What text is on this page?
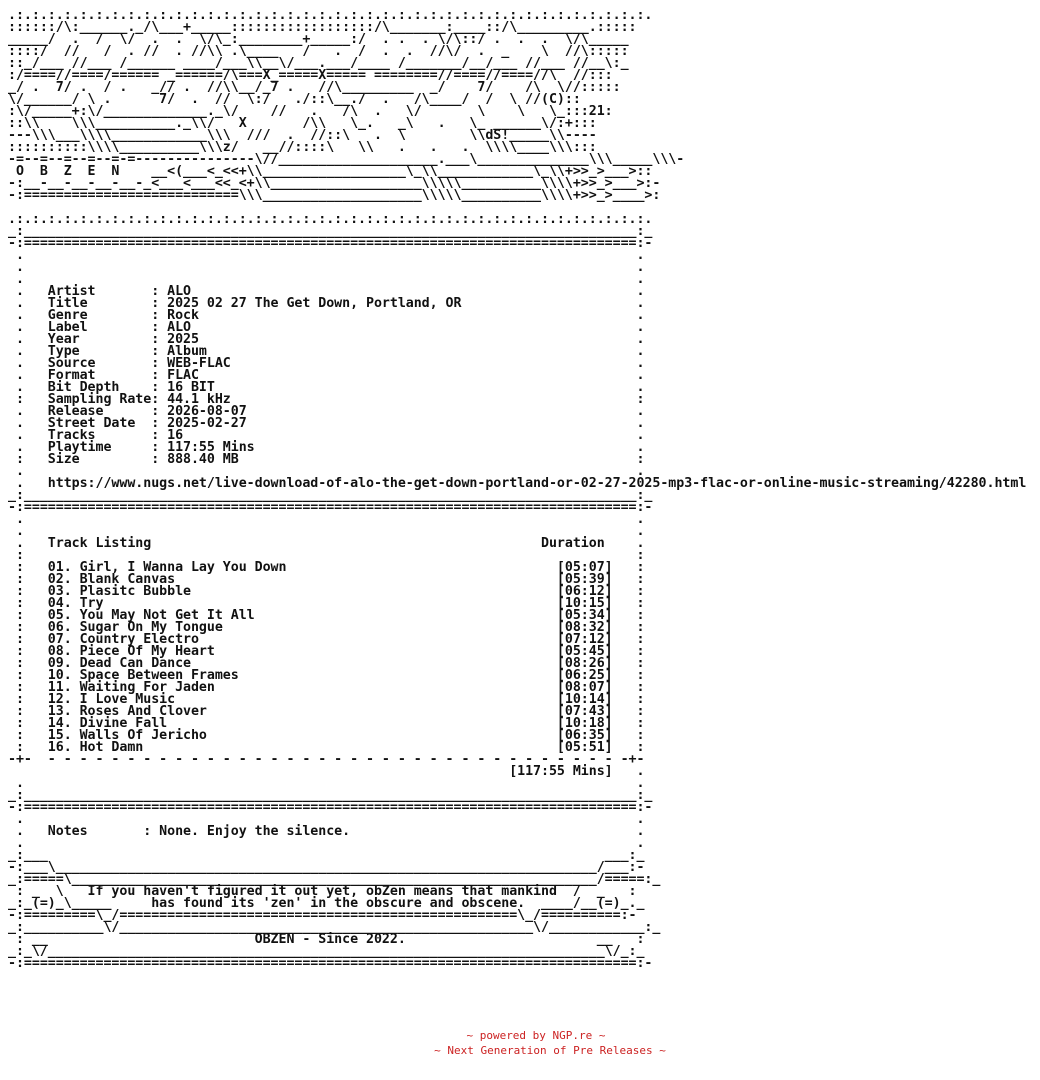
.:.:.:.:.:.:.:.:.:.:.:.:.:.:.:.:.:.:.:.:.:.:.:.:.:.:.:.:.:.:.:.:.:.:.:.:.:.:.:.:.
::::::/\:______._/\___+_____::::::::::::::::::/\_______:____::/\_________.:::::
_____/  .  /  \/  .  .  \/\_:________+_____:/  . .  . \/\::/ .  .  .  \/\_____
::::/  //   /  . //  . //\\ .\____   /   .  /  .  .  //\/  .  _    \  //\:::::
::_/___ //___ /______ ____/___\\__\/___.___/____ /_______/__/___ //___ //__\:_
:/====//====/====== _======/\===X_=====X===== ========//====//====//\  //:::
_/ .  7/ .  / .   _// .  //\\__/_7 .   //\_________  _/    7/    /\  \//:::::
\/______/ \ .      7/  .  //  \:/   ./::\__./  .   /\____/  /  \ //(C)::
:\/_____+:\/_____________._\/    //   .   /\  .   \/       \    \   \_:::21:
::\\    \\\__________._\\/   X       /\\   \_.   _\   .   \_ ______\/:+:::
---\\\___\\\\____________\\\  ///  .  //::\   .  \        \\dS!_____\\----
::::::::::\\\\__________\\\z/   __//::::\   \\   .   .   .  \\\\____\\\:::
-=--=--=--=--=-=---------------\//____________________.___\______________\\\_____\\\-
O  B  Z  E  N    __<(___<_<<+\\__________________\_\\____________\_\\+>>_>___>::
-:__-__-__-__-__-_<___<___<<_<+\\___________________\\\\\__________\\\\+>>_>___>:-
-:===========================\\\____________________\\\\\__________\\\\+>>_>____>:

.:.:.:.:.:.:.:.:.:.:.:.:.:.:.:.:.:.:.:.:.:.:.:.:.:.:.:.:.:.:.:.:.:.:.:.:.:.:.:.:.
_:_____________________________________________________________________________:_
-:=============================================================================:-
.                                                                             .
.                                                                             .
.                                                                             .
.   Artist       : ALO                                                        .
.   Title        : 2025 02 27 The Get Down, Portland, OR                      .
.   Genre        : Rock                                                       .
.   Label        : ALO                                                        .
.   Year         : 2025                                                       .
.   Type         : Album                                                      .
.   Source       : WEB-FLAC                                                   .
.   Format       : FLAC                                                       .
.   Bit Depth    : 16 BIT                                                     .
:   Sampling Rate: 44.1 kHz                                                   :
.   Release      : 2026-08-07                                                 .
.   Street Date  : 2025-02-27                                                 .
.   Tracks       : 16                                                         .
.   Playtime     : 117:55 Mins                                                .
:   Size         : 888.40 MB                                                  :
.                                                                             .
.   https://www.nugs.net/live-download-of-alo-the-get-down-portland-or-02-27-2025-mp3-flac-or-online-music-streaming/42280.html
_:_____________________________________________________________________________:_
-:=============================================================================:-
.                                                                             .
.                                                                             .
.   Track Listing                                                 Duration    .
:                                                                             :
:   01. Girl, I Wanna Lay You Down                                  [05:07]   :
:   02. Blank Canvas                                                [05:39]   :
:   03. Plasitc Bubble                                              [06:12]   :
:   04. Try                                                         [10:15]   :
:   05. You May Not Get It All                                      [05:34]   :
:   06. Sugar On My Tongue                                          [08:32]   :
:   07. Country Electro                                             [07:12]   :
:   08. Piece Of My Heart                                           [05:45]   :
:   09. Dead Can Dance                                              [08:26]   :
:   10. Space Between Frames                                        [06:25]   :
:   11. Waiting For Jaden                                           [08:07]   :
:   12. I Love Music                                                [10:14]   :
:   13. Roses And Clover                                            [07:43]   :
:   14. Divine Fall                                                 [10:18]   :
:   15. Walls Of Jericho                                            [06:35]   :
:   16. Hot Damn                                                    [05:51]   :
-+-  - - - - - - - - - - - - - - - - - - - - - - - - - - - - - - - - - - - - -+-
[117:55 Mins]   .
.                                                                             .
_:_____________________________________________________________________________:_
-:=============================================================================:-
.                                                                             .
.   Notes       : None. Enjoy the silence.                                    .
.                                                                             .
_:___                                                                      ___:_
-:___\____________________________________________________________________/___:-
_:=====\__________________________________________________________________/=====:_
: _  \   If you haven't figured it out yet, obZen means that mankind  /  _   :
_:_(=)_\_____     has found its 'zen' in the obscure and obscene.  ____/__(=)_._
-:=========\_/==================================================\_/==========:-
_:__________\/____________________________________________________\/____________:_
: __                          OBZEN - Since 2022.                        __   :
_:_\/______________________________________________________________________\/_:_
-:=============================================================================:-
~ powered by NGP.re ~
~ Next Generation of Pre Releases ~
